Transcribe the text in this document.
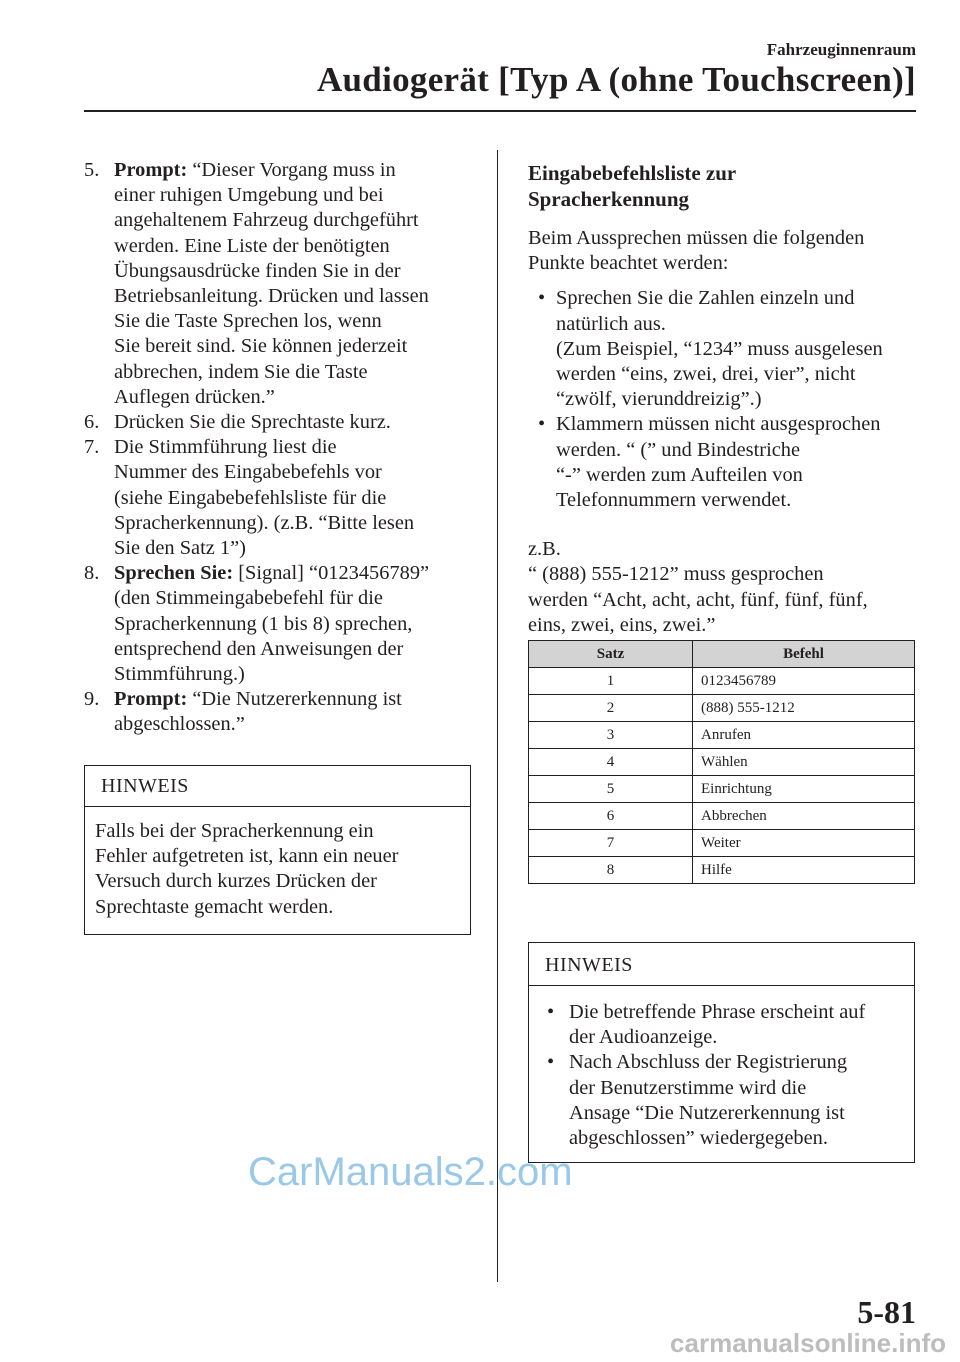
Fahrzeuginnenraum
Audiogerät [Typ A (ohne Touchscreen)]
5. Prompt: “Dieser Vorgang muss in
einer ruhigen Umgebung und bei
angehaltenem Fahrzeug durchgeführt
werden. Eine Liste der benötigten
Übungsausdrücke finden Sie in der
Betriebsanleitung. Drücken und lassen
Sie die Taste Sprechen los, wenn
Sie bereit sind. Sie können jederzeit
abbrechen, indem Sie die Taste
Auflegen drücken.”
6. Drücken Sie die Sprechtaste kurz.
7. Die Stimmführung liest die
Nummer des Eingabebefehls vor
(siehe Eingabebefehlsliste für die
Spracherkennung). (z.B. “Bitte lesen
Sie den Satz 1”)
8. Sprechen Sie: [Signal] “0123456789”
(den Stimmeingabebefehl für die
Spracherkennung (1 bis 8) sprechen,
entsprechend den Anweisungen der
Stimmführung.)
9. Prompt: “Die Nutzererkennung ist
abgeschlossen.”
HINWEIS
Falls bei der Spracherkennung ein
Fehler aufgetreten ist, kann ein neuer
Versuch durch kurzes Drücken der
Sprechtaste gemacht werden.
Eingabebefehlsliste zur
Spracherkennung
Beim Aussprechen müssen die folgenden
Punkte beachtet werden:
• Sprechen Sie die Zahlen einzeln und
natürlich aus.
(Zum Beispiel, “1234” muss ausgelesen
werden “eins, zwei, drei, vier”, nicht
“zwölf, vierunddreizig”.)
• Klammern müssen nicht ausgesprochen
werden. “ (” und Bindestriche
“-” werden zum Aufteilen von
Telefonnummern verwendet.
z.B.
“ (888) 555-1212” muss gesprochen
werden “Acht, acht, acht, fünf, fünf, fünf,
eins, zwei, eins, zwei.”
Satz	Befehl
1	0123456789
2	(888) 555-1212
3	Anrufen
4	Wählen
5	Einrichtung
6	Abbrechen
7	Weiter
8	Hilfe
HINWEIS
• Die betreffende Phrase erscheint auf
der Audioanzeige.
• Nach Abschluss der Registrierung
der Benutzerstimme wird die
Ansage “Die Nutzererkennung ist
abgeschlossen” wiedergegeben.
CarManuals2.com
5-81
carmanualsonline.info
